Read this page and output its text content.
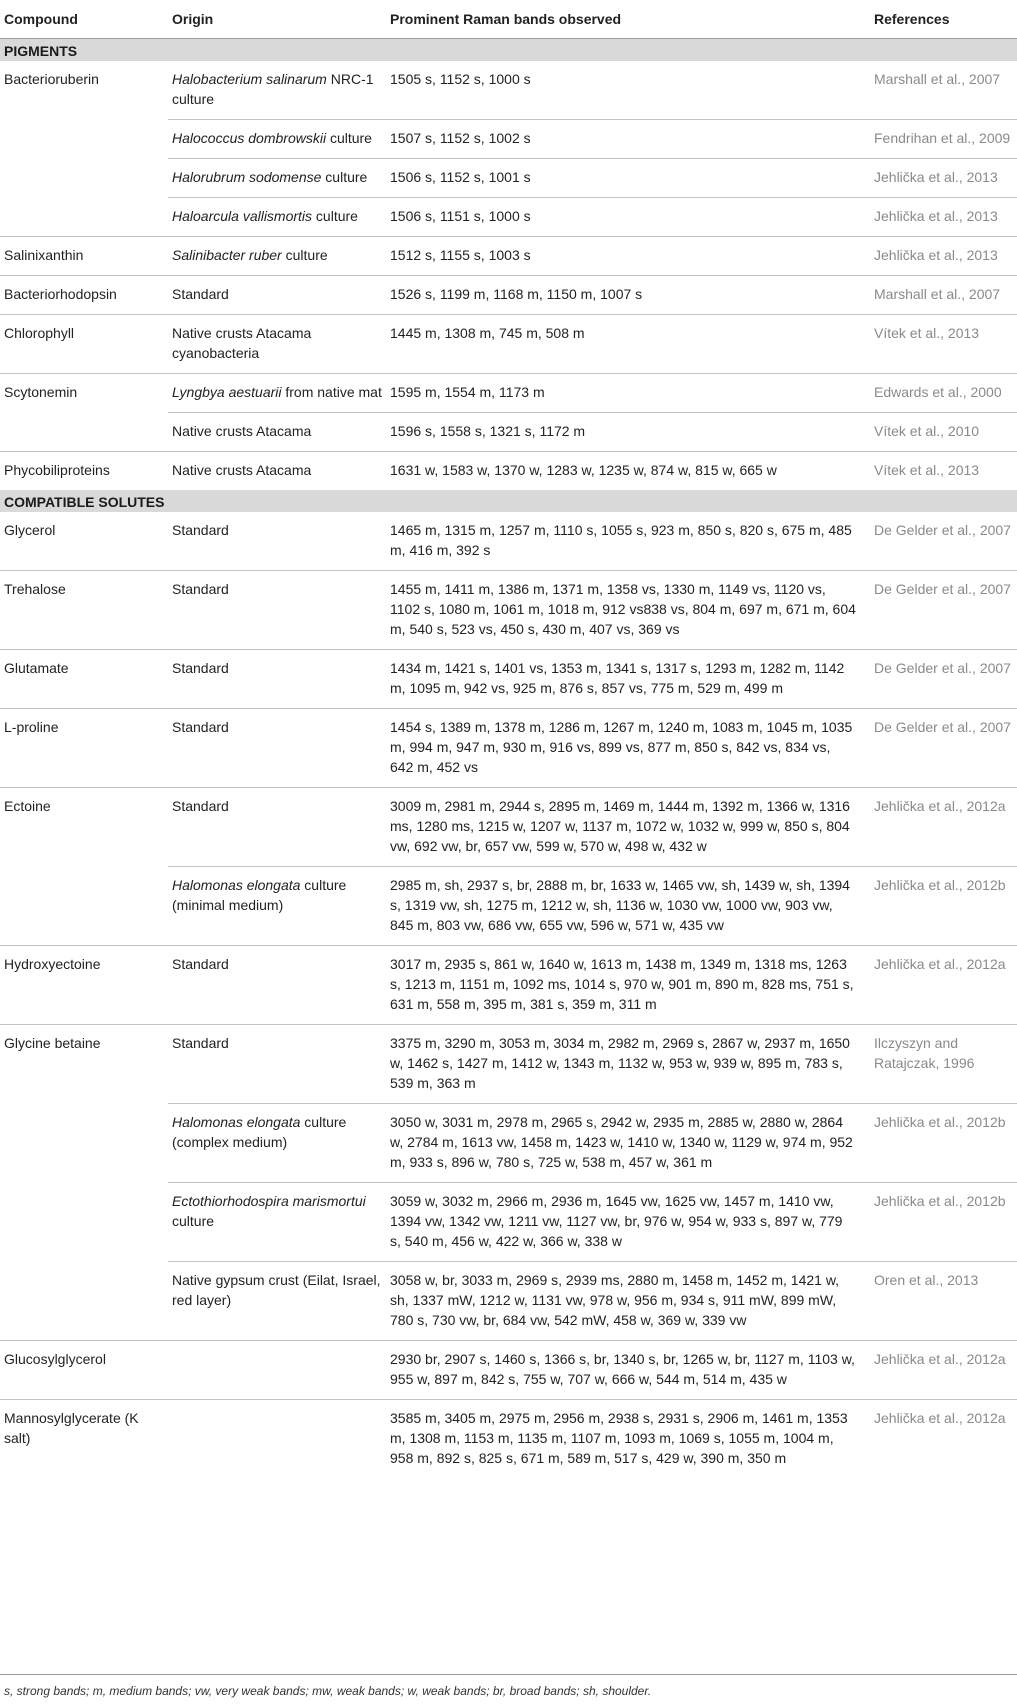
Compound	Origin	Prominent Raman bands observed	References
PIGMENTS			
Bacterioruberin	Halobacterium salinarum NRC-1 culture	1505 s, 1152 s, 1000 s	Marshall et al., 2007
	Halococcus dombrowskii culture	1507 s, 1152 s, 1002 s	Fendrihan et al., 2009
	Halorubrum sodomense culture	1506 s, 1152 s, 1001 s	Jehlička et al., 2013
	Haloarcula vallismortis culture	1506 s, 1151 s, 1000 s	Jehlička et al., 2013
Salinixanthin	Salinibacter ruber culture	1512 s, 1155 s, 1003 s	Jehlička et al., 2013
Bacteriorhodopsin	Standard	1526 s, 1199 m, 1168 m, 1150 m, 1007 s	Marshall et al., 2007
Chlorophyll	Native crusts Atacama cyanobacteria	1445 m, 1308 m, 745 m, 508 m	Vítek et al., 2013
Scytonemin	Lyngbya aestuarii from native mat	1595 m, 1554 m, 1173 m	Edwards et al., 2000
	Native crusts Atacama	1596 s, 1558 s, 1321 s, 1172 m	Vítek et al., 2010
Phycobiliproteins	Native crusts Atacama	1631 w, 1583 w, 1370 w, 1283 w, 1235 w, 874 w, 815 w, 665 w	Vítek et al., 2013
COMPATIBLE SOLUTES			
Glycerol	Standard	1465 m, 1315 m, 1257 m, 1110 s, 1055 s, 923 m, 850 s, 820 s, 675 m, 485 m, 416 m, 392 s	De Gelder et al., 2007
Trehalose	Standard	1455 m, 1411 m, 1386 m, 1371 m, 1358 vs, 1330 m, 1149 vs, 1120 vs, 1102 s, 1080 m, 1061 m, 1018 m, 912 vs838 vs, 804 m, 697 m, 671 m, 604 m, 540 s, 523 vs, 450 s, 430 m, 407 vs, 369 vs	De Gelder et al., 2007
Glutamate	Standard	1434 m, 1421 s, 1401 vs, 1353 m, 1341 s, 1317 s, 1293 m, 1282 m, 1142 m, 1095 m, 942 vs, 925 m, 876 s, 857 vs, 775 m, 529 m, 499 m	De Gelder et al., 2007
L-proline	Standard	1454 s, 1389 m, 1378 m, 1286 m, 1267 m, 1240 m, 1083 m, 1045 m, 1035 m, 994 m, 947 m, 930 m, 916 vs, 899 vs, 877 m, 850 s, 842 vs, 834 vs, 642 m, 452 vs	De Gelder et al., 2007
Ectoine	Standard	3009 m, 2981 m, 2944 s, 2895 m, 1469 m, 1444 m, 1392 m, 1366 w, 1316 ms, 1280 ms, 1215 w, 1207 w, 1137 m, 1072 w, 1032 w, 999 w, 850 s, 804 vw, 692 vw, br, 657 vw, 599 w, 570 w, 498 w, 432 w	Jehlička et al., 2012a
	Halomonas elongata culture (minimal medium)	2985 m, sh, 2937 s, br, 2888 m, br, 1633 w, 1465 vw, sh, 1439 w, sh, 1394 s, 1319 vw, sh, 1275 m, 1212 w, sh, 1136 w, 1030 vw, 1000 vw, 903 vw, 845 m, 803 vw, 686 vw, 655 vw, 596 w, 571 w, 435 vw	Jehlička et al., 2012b
Hydroxyectoine	Standard	3017 m, 2935 s, 861 w, 1640 w, 1613 m, 1438 m, 1349 m, 1318 ms, 1263 s, 1213 m, 1151 m, 1092 ms, 1014 s, 970 w, 901 m, 890 m, 828 ms, 751 s, 631 m, 558 m, 395 m, 381 s, 359 m, 311 m	Jehlička et al., 2012a
Glycine betaine	Standard	3375 m, 3290 m, 3053 m, 3034 m, 2982 m, 2969 s, 2867 w, 2937 m, 1650 w, 1462 s, 1427 m, 1412 w, 1343 m, 1132 w, 953 w, 939 w, 895 m, 783 s, 539 m, 363 m	Ilczyszyn and Ratajczak, 1996
	Halomonas elongata culture (complex medium)	3050 w, 3031 m, 2978 m, 2965 s, 2942 w, 2935 m, 2885 w, 2880 w, 2864 w, 2784 m, 1613 vw, 1458 m, 1423 w, 1410 w, 1340 w, 1129 w, 974 m, 952 m, 933 s, 896 w, 780 s, 725 w, 538 m, 457 w, 361 m	Jehlička et al., 2012b
	Ectothiorhodospira marismortui culture	3059 w, 3032 m, 2966 m, 2936 m, 1645 vw, 1625 vw, 1457 m, 1410 vw, 1394 vw, 1342 vw, 1211 vw, 1127 vw, br, 976 w, 954 w, 933 s, 897 w, 779 s, 540 m, 456 w, 422 w, 366 w, 338 w	Jehlička et al., 2012b
	Native gypsum crust (Eilat, Israel, red layer)	3058 w, br, 3033 m, 2969 s, 2939 ms, 2880 m, 1458 m, 1452 m, 1421 w, sh, 1337 mW, 1212 w, 1131 vw, 978 w, 956 m, 934 s, 911 mW, 899 mW, 780 s, 730 vw, br, 684 vw, 542 mW, 458 w, 369 w, 339 vw	Oren et al., 2013
Glucosylglycerol		2930 br, 2907 s, 1460 s, 1366 s, br, 1340 s, br, 1265 w, br, 1127 m, 1103 w, 955 w, 897 m, 842 s, 755 w, 707 w, 666 w, 544 m, 514 m, 435 w	Jehlička et al., 2012a
Mannosylglycerate (K salt)		3585 m, 3405 m, 2975 m, 2956 m, 2938 s, 2931 s, 2906 m, 1461 m, 1353 m, 1308 m, 1153 m, 1135 m, 1107 m, 1093 m, 1069 s, 1055 m, 1004 m, 958 m, 892 s, 825 s, 671 m, 589 m, 517 s, 429 w, 390 m, 350 m	Jehlička et al., 2012a
s, strong bands; m, medium bands; vw, very weak bands; mw, weak bands; w, weak bands; br, broad bands; sh, shoulder.
